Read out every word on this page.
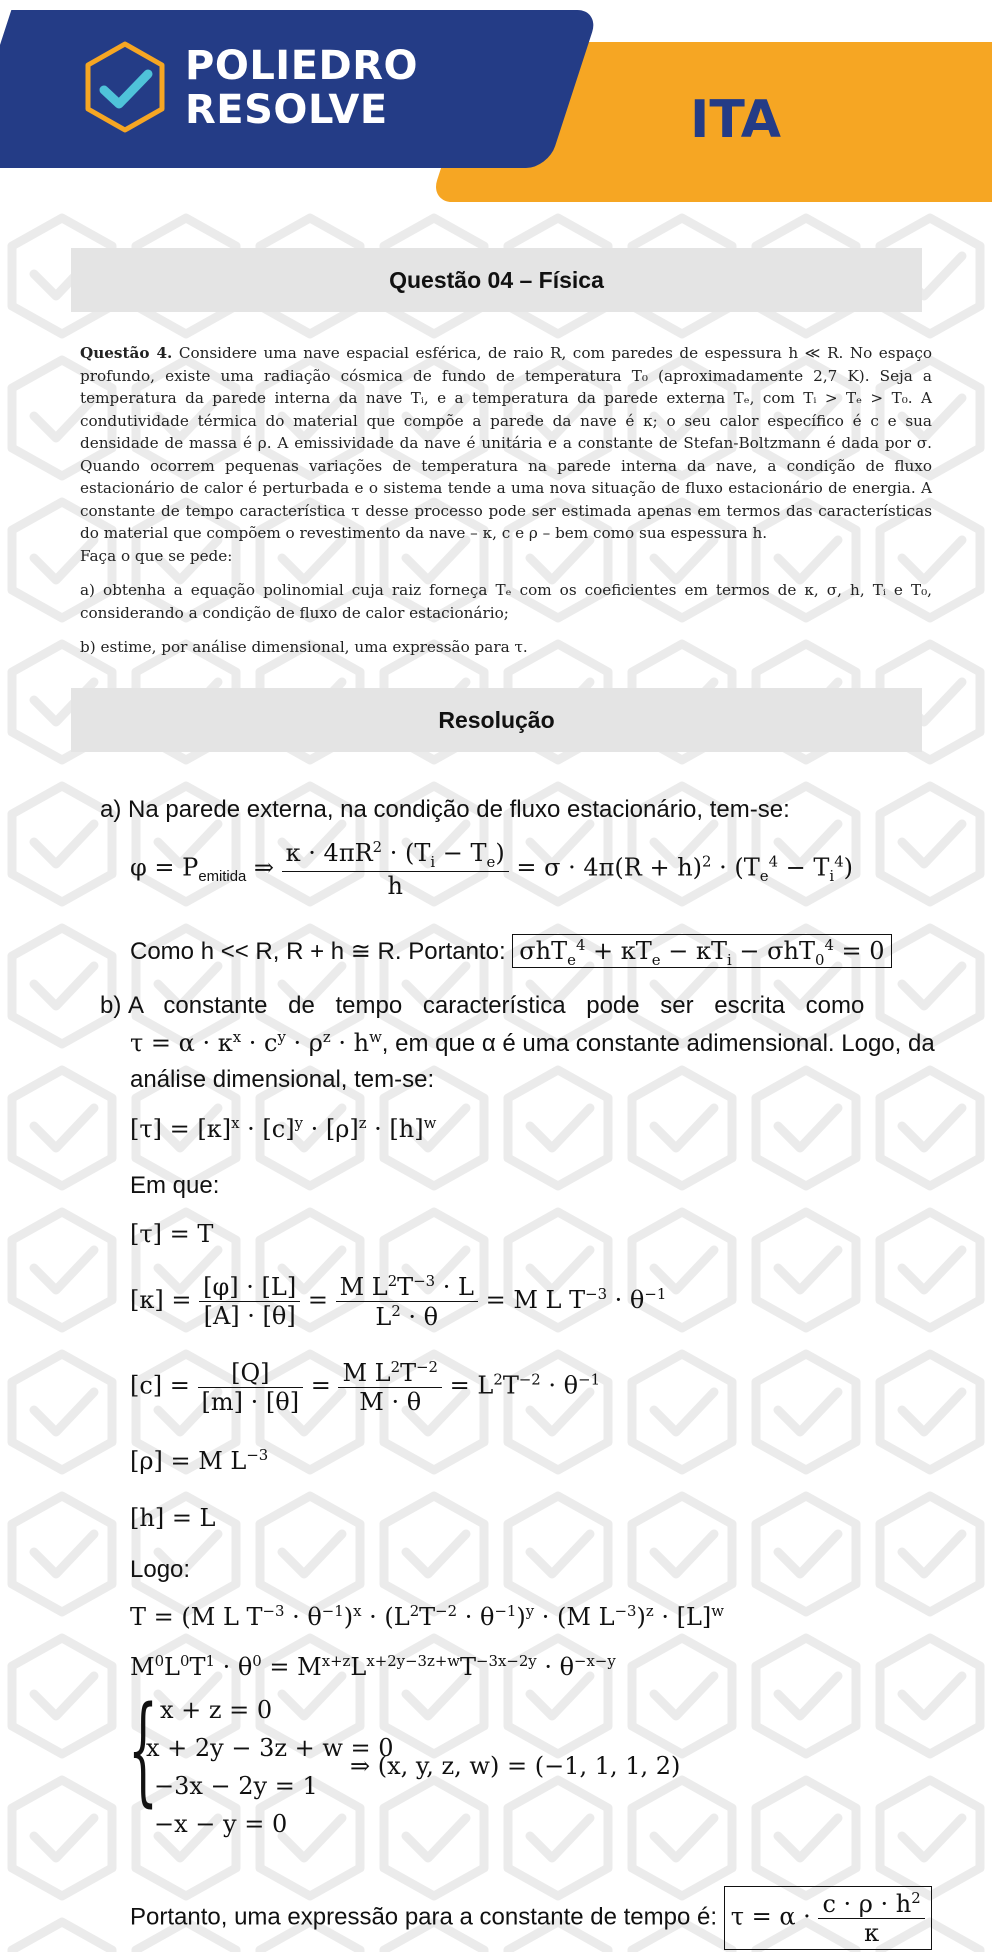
POLIEDRO
RESOLVE	ITA
Questão 04 – Física

Questão 4. Considere uma nave espacial esférica, de raio R, com paredes de espessura h ≪ R. No espaço profundo, existe uma radiação cósmica de fundo de temperatura T₀ (aproximadamente 2,7 K). Seja a temperatura da parede interna da nave Tᵢ, e a temperatura da parede externa Tₑ, com Tᵢ > Tₑ > T₀. A condutividade térmica do material que compõe a parede da nave é κ; o seu calor específico é c e sua densidade de massa é ρ. A emissividade da nave é unitária e a constante de Stefan-Boltzmann é dada por σ. Quando ocorrem pequenas variações de temperatura na parede interna da nave, a condição de fluxo estacionário de calor é perturbada e o sistema tende a uma nova situação de fluxo estacionário de energia. A constante de tempo característica τ desse processo pode ser estimada apenas em termos das características do material que compõem o revestimento da nave – κ, c e ρ – bem como sua espessura h.

Faça o que se pede:

a) obtenha a equação polinomial cuja raiz forneça Tₑ com os coeficientes em termos de κ, σ, h, Tᵢ e T₀, considerando a condição de fluxo de calor estacionário;

b) estime, por análise dimensional, uma expressão para τ.

Resolução
a) Na parede externa, na condição de fluxo estacionário, tem-se:
$\varphi = P_{emitida}$ ⇒ $\frac{\kappa \cdot 4\pi R^2 \cdot (T_i - T_e)}{h} = \sigma \cdot 4\pi(R + h)^2 \cdot (T_e^4 - T_i^4)$
Como h << R, R + h ≅ R. Portanto: $\sigma hT_e^4 + \kappa T_e - \kappa T_i - \sigma hT_0^4 = 0$
b) A constante de tempo característica pode ser escrita como
$\tau = \alpha \cdot \kappa^x \cdot c^y \cdot \rho^z \cdot h^w$, em que α é uma constante adimensional. Logo, da
análise dimensional, tem-se:
$[\tau] = [\kappa]^x \cdot [c]^y \cdot [\rho]^z \cdot [h]^w$
Em que:
[τ] = T
$[\kappa] = \frac{[\varphi] \cdot [L]}{[A] \cdot [\theta]} = \frac{M L^2T^{-3} \cdot L}{L^2 \cdot \theta} = M$ L $T^{-3} \cdot \theta^{-1}$
$[c] = \frac{[Q]}{[m] \cdot [\theta]} = \frac{M L^2T^{-2}}{M \cdot \theta} = L^2T^{-2} \cdot \theta^{-1}$
[ρ] = M $L^{-3}$
[h] = L
Logo:
T = (M L $T^{-3} \cdot \theta^{-1})^x \cdot (L^2T^{-2} \cdot \theta^{-1})^y \cdot (M$ $L^{-3})^z \cdot [L]^w$
$M^0L^0T^1 \cdot \theta^0 = M^{x+z}L^{x+2y-3z+w}T^{-3x-2y} \cdot \theta^{-x-y}$
{ x + z = 0
x + 2y − 3z + w = 0
−3x − 2y = 1
−x − y = 0
⇒ (x, y, z, w) = (−1, 1, 1, 2)
Portanto, uma expressão para a constante de tempo é: $\tau = \alpha \cdot \frac{c \cdot \rho \cdot h^2}{\kappa}$
